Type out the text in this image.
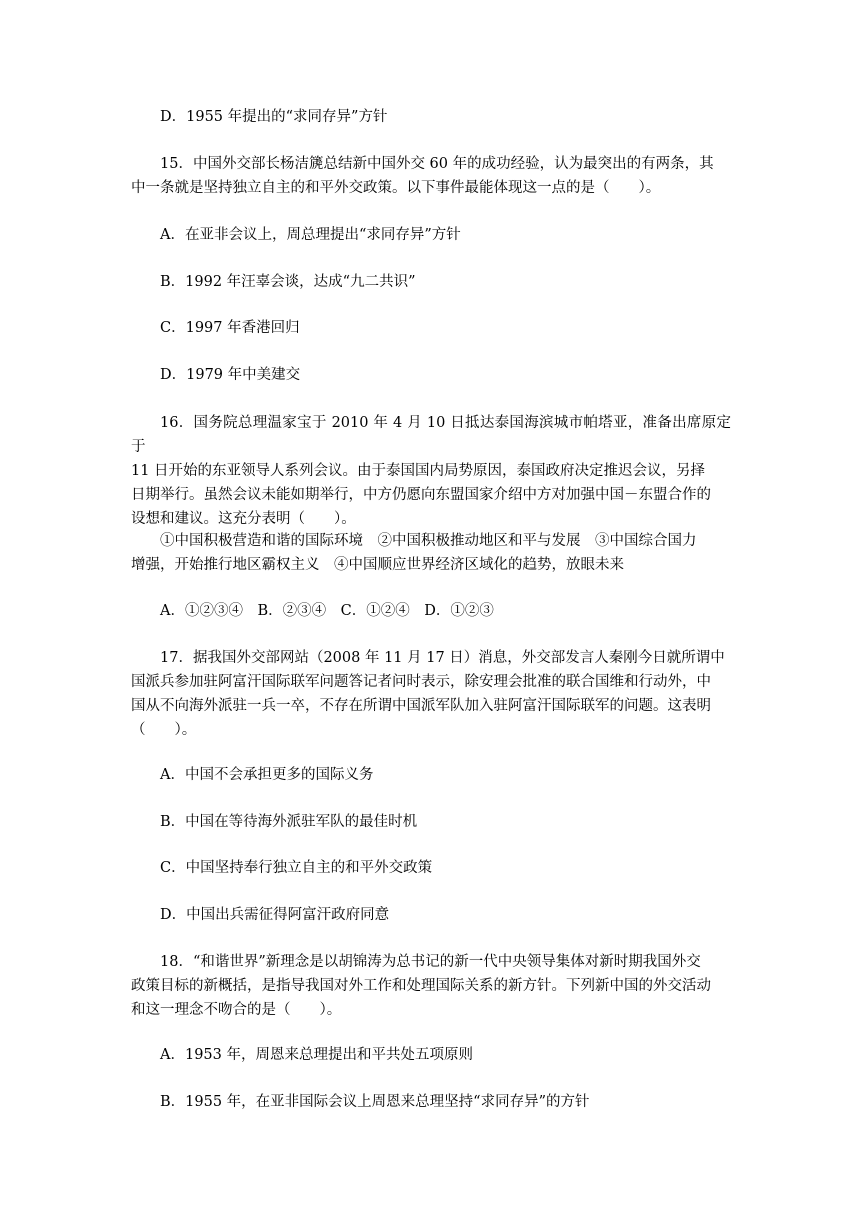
D．1955 年提出的“求同存异”方针
15．中国外交部长杨洁篪总结新中国外交 60 年的成功经验，认为最突出的有两条，其
中一条就是坚持独立自主的和平外交政策。以下事件最能体现这一点的是（　　）。
A．在亚非会议上，周总理提出“求同存异”方针
B．1992 年汪辜会谈，达成“九二共识”
C．1997 年香港回归
D．1979 年中美建交
16．国务院总理温家宝于 2010 年 4 月 10 日抵达泰国海滨城市帕塔亚，准备出席原定于
11 日开始的东亚领导人系列会议。由于泰国国内局势原因，泰国政府决定推迟会议，另择
日期举行。虽然会议未能如期举行，中方仍愿向东盟国家介绍中方对加强中国－东盟合作的
设想和建议。这充分表明（　　）。
①中国积极营造和谐的国际环境　②中国积极推动地区和平与发展　③中国综合国力
增强，开始推行地区霸权主义　④中国顺应世界经济区域化的趋势，放眼未来
A．①②③④　B．②③④　C．①②④　D．①②③
17．据我国外交部网站（2008 年 11 月 17 日）消息，外交部发言人秦刚今日就所谓中
国派兵参加驻阿富汗国际联军问题答记者问时表示，除安理会批准的联合国维和行动外，中
国从不向海外派驻一兵一卒，不存在所谓中国派军队加入驻阿富汗国际联军的问题。这表明
（　　）。
A．中国不会承担更多的国际义务
B．中国在等待海外派驻军队的最佳时机
C．中国坚持奉行独立自主的和平外交政策
D．中国出兵需征得阿富汗政府同意
18．“和谐世界”新理念是以胡锦涛为总书记的新一代中央领导集体对新时期我国外交
政策目标的新概括，是指导我国对外工作和处理国际关系的新方针。下列新中国的外交活动
和这一理念不吻合的是（　　）。
A．1953 年，周恩来总理提出和平共处五项原则
B．1955 年，在亚非国际会议上周恩来总理坚持“求同存异”的方针
